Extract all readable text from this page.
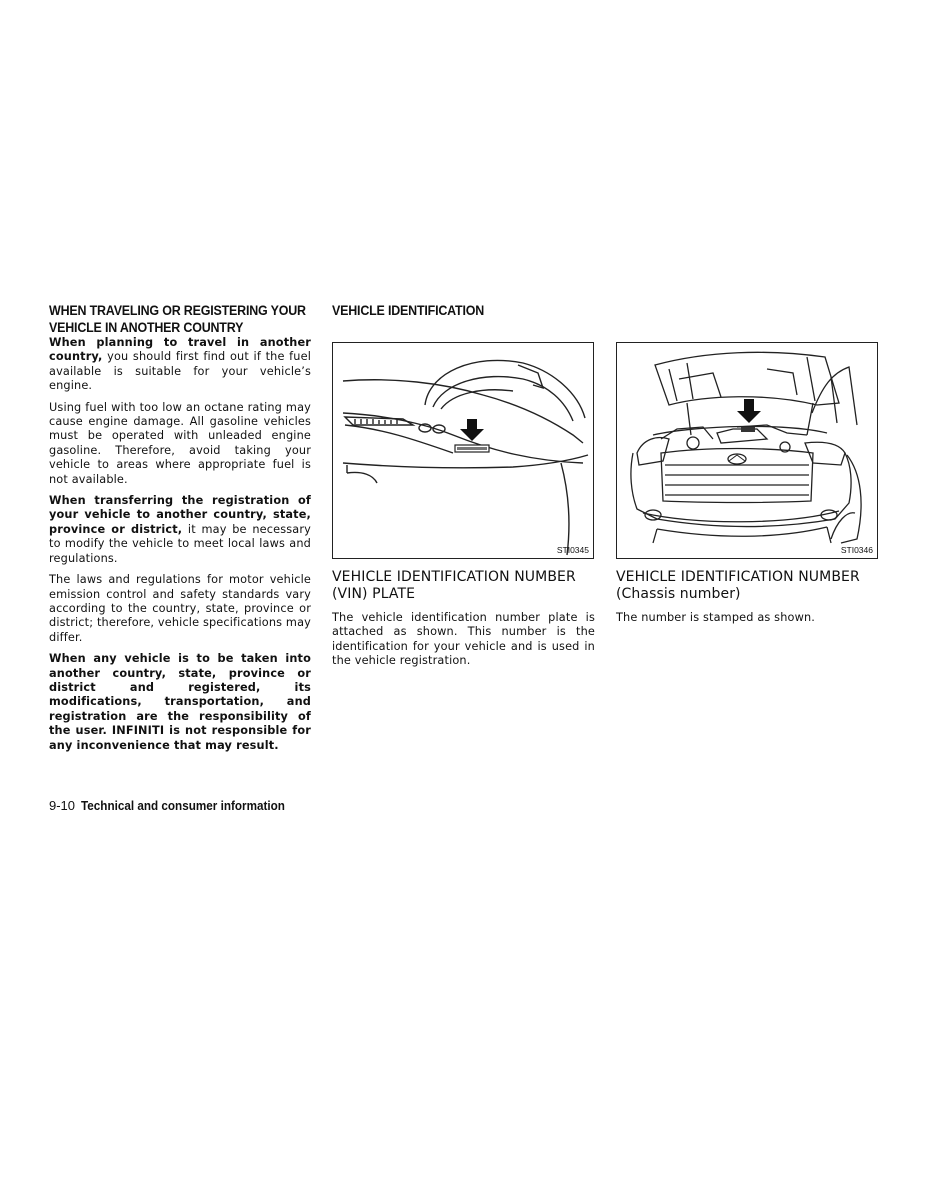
WHEN TRAVELING OR REGISTERING YOUR
VEHICLE IN ANOTHER COUNTRY

When planning to travel in another country, you should first find out if the fuel available is suitable for your vehicle’s engine.

Using fuel with too low an octane rating may cause engine damage. All gasoline vehicles must be operated with unleaded engine gasoline. Therefore, avoid taking your vehicle to areas where appropriate fuel is not available.

When transferring the registration of your vehicle to another country, state, province or district, it may be necessary to modify the vehicle to meet local laws and regulations.

The laws and regulations for motor vehicle emission control and safety standards vary according to the country, state, province or district; therefore, vehicle specifications may differ.

When any vehicle is to be taken into another country, state, province or district and registered, its modifications, transportation, and registration are the responsibility of the user. INFINITI is not responsible for any inconvenience that may result.

VEHICLE IDENTIFICATION
STI0345
VEHICLE IDENTIFICATION NUMBER
(VIN) PLATE

The vehicle identification number plate is attached as shown. This number is the identification for your vehicle and is used in the vehicle registration.

STI0346
VEHICLE IDENTIFICATION NUMBER
(Chassis number)

The number is stamped as shown.

9-10 Technical and consumer information
